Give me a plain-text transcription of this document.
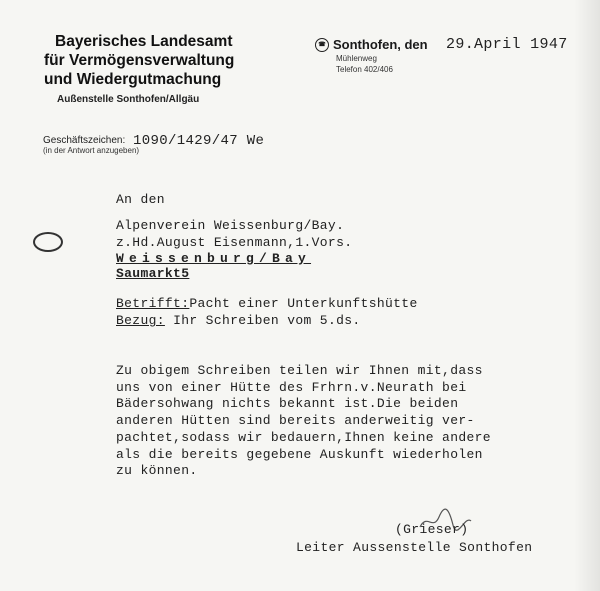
Bayerisches Landesamt
für Vermögensverwaltung
und Wiedergutmachung
Außenstelle Sonthofen/Allgäu
☎ Sonthofen, den 29.April 1947
Mühlenweg
Telefon 402/406
Geschäftszeichen:
(in der Antwort anzugeben)
1090/1429/47 We
An den
Alpenverein Weissenburg/Bay.
z.Hd.August Eisenmann,1.Vors.
Weissenburg/Bay
Saumarkt5
Betrifft:Pacht einer Unterkunftshütte
Bezug: Ihr Schreiben vom 5.ds.
Zu obigem Schreiben teilen wir Ihnen mit,dass
uns von einer Hütte des Frhrn.v.Neurath bei
Bädersohwang nichts bekannt ist.Die beiden
anderen Hütten sind bereits anderweitig ver-
pachtet,sodass wir bedauern,Ihnen keine andere
als die bereits gegebene Auskunft wiederholen
zu können.
(Grieser)
Leiter Aussenstelle Sonthofen
